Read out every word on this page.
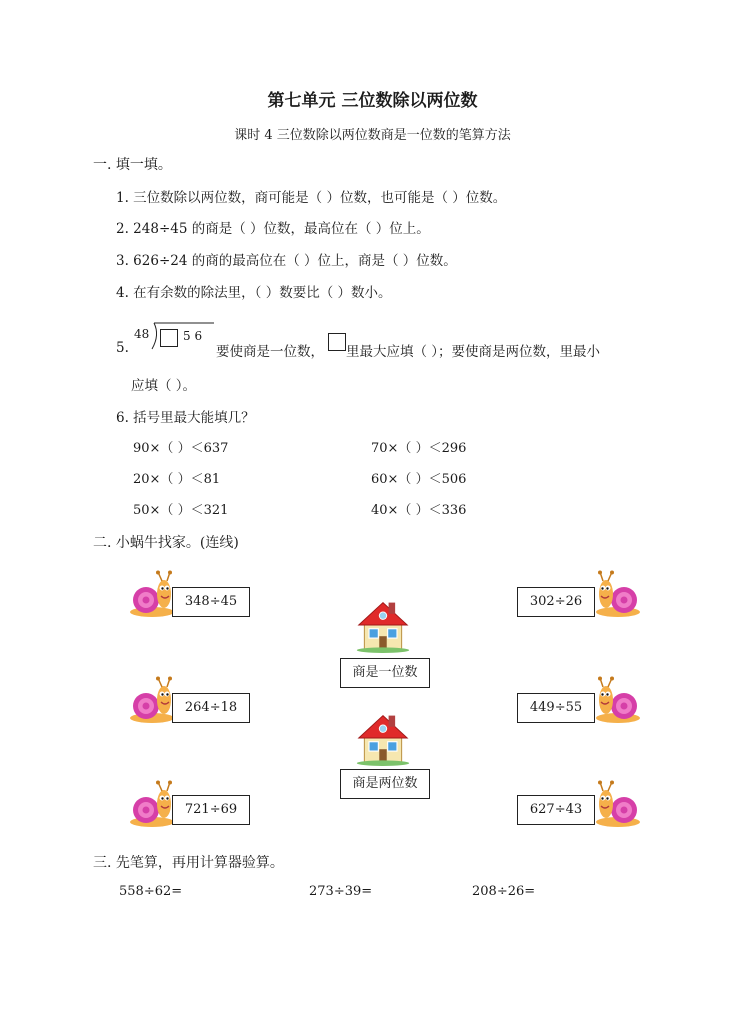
第七单元 三位数除以两位数
课时 4 三位数除以两位数商是一位数的笔算方法
一. 填一填。
1. 三位数除以两位数，商可能是（ ）位数，也可能是（ ）位数。
2. 248÷45 的商是（ ）位数，最高位在（ ）位上。
3. 626÷24 的商的最高位在（ ）位上，商是（ ）位数。
4. 在有余数的除法里，（ ）数要比（ ）数小。
5.
48	5 6
要使商是一位数， 里最大应填（ ）；要使商是两位数，里最小
应填（ ）。
6. 括号里最大能填几？
90×（ ）＜637	70×（ ）＜296
20×（ ）＜81	60×（ ）＜506
50×（ ）＜321	40×（ ）＜336
二. 小蜗牛找家。(连线)
348÷45
264÷18
721÷69
302÷26
449÷55
627÷43
商是一位数
商是两位数
三. 先笔算，再用计算器验算。
558÷62=	273÷39=	208÷26=
